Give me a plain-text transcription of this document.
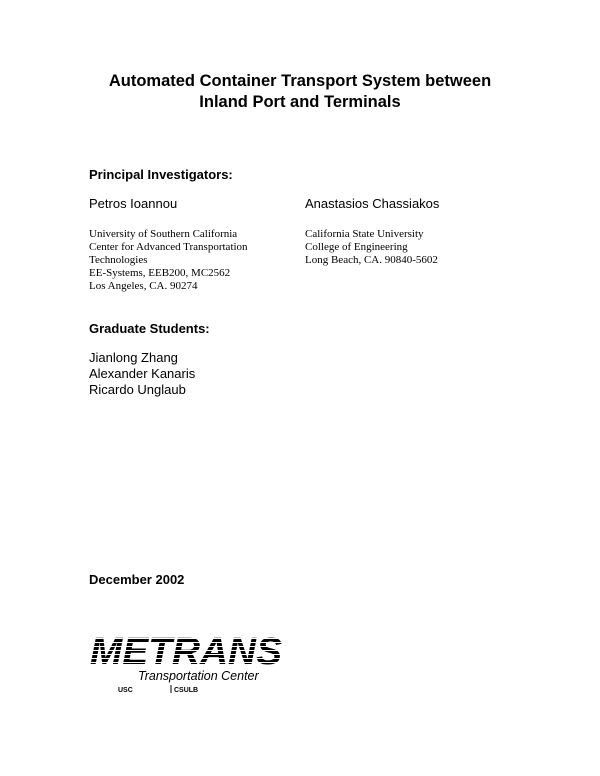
Automated Container Transport System between
Inland Port and Terminals
Principal Investigators:
Petros Ioannou	Anastasios Chassiakos
University of Southern California
Center for Advanced Transportation
Technologies
EE-Systems, EEB200, MC2562
Los Angeles, CA. 90274
California State University
College of Engineering
Long Beach, CA. 90840-5602
Graduate Students:
Jianlong Zhang
Alexander Kanaris
Ricardo Unglaub
December 2002
METRANS
Transportation Center
USC	CSULB
